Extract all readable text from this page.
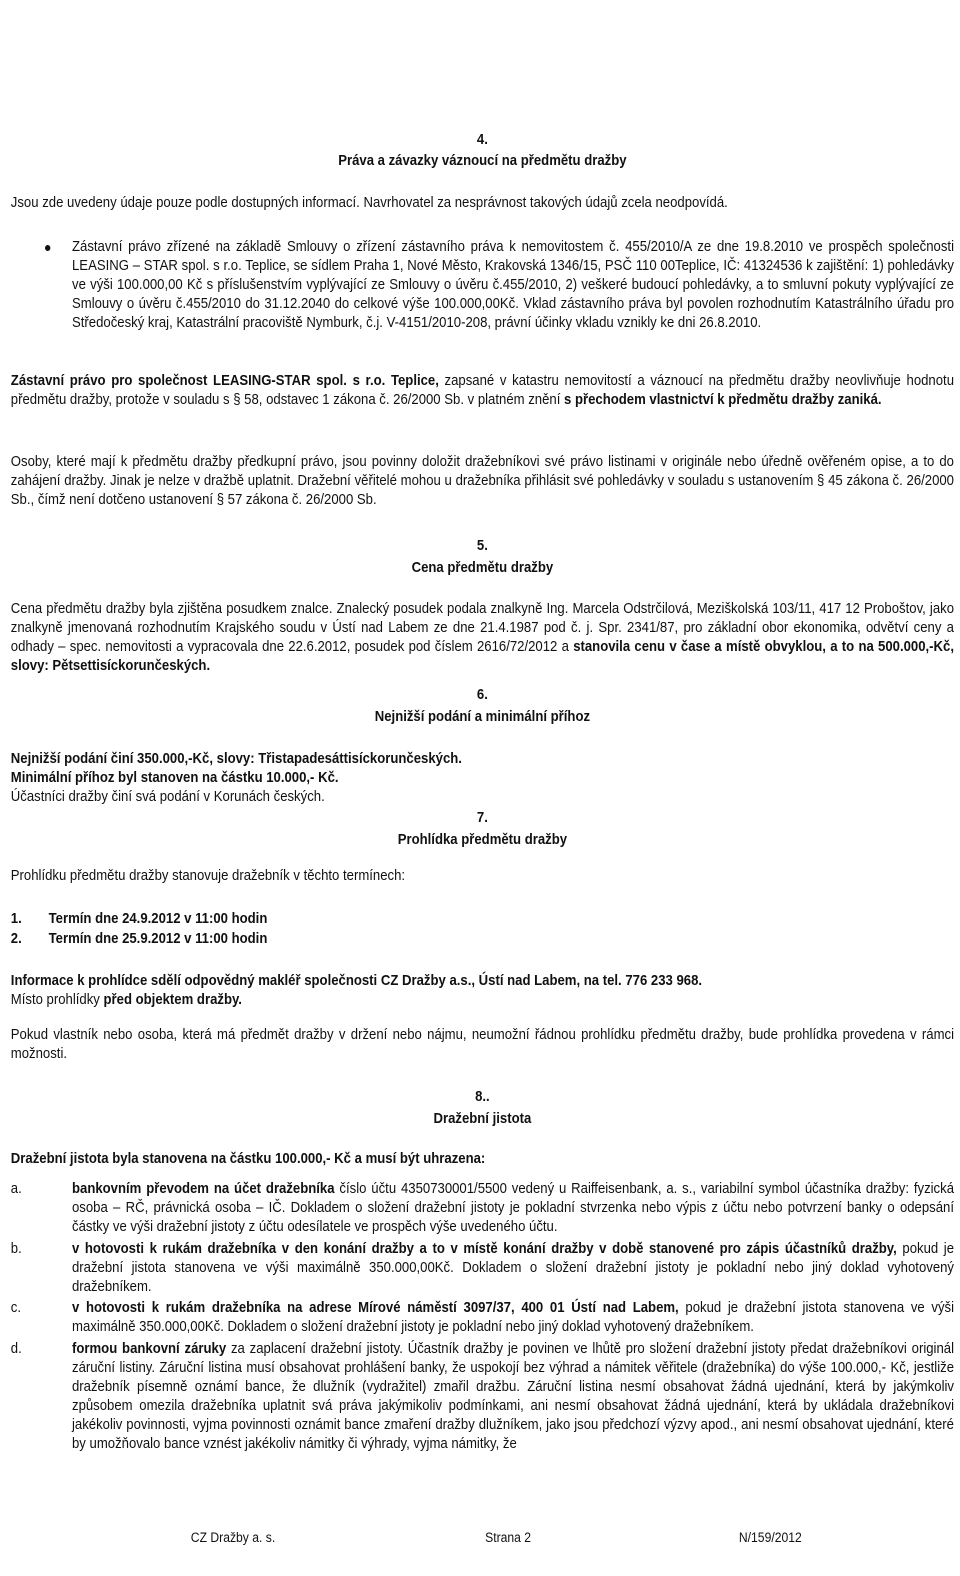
4.
Práva a závazky váznoucí na předmětu dražby

Jsou zde uvedeny údaje pouze podle dostupných informací. Navrhovatel za nesprávnost takových údajů zcela neodpovídá.

Zástavní právo zřízené na základě Smlouvy o zřízení zástavního práva k nemovitostem č. 455/2010/A ze dne 19.8.2010 ve prospěch společnosti LEASING – STAR spol. s r.o. Teplice, se sídlem Praha 1, Nové Město, Krakovská 1346/15, PSČ 110 00Teplice, IČ: 41324536 k zajištění: 1) pohledávky ve výši 100.000,00 Kč s příslušenstvím vyplývající ze Smlouvy o úvěru č.455/2010, 2) veškeré budoucí pohledávky, a to smluvní pokuty vyplývající ze Smlouvy o úvěru č.455/2010 do 31.12.2040 do celkové výše 100.000,00Kč. Vklad zástavního práva byl povolen rozhodnutím Katastrálního úřadu pro Středočeský kraj, Katastrální pracoviště Nymburk, č.j. V-4151/2010-208, právní účinky vkladu vznikly ke dni 26.8.2010.

Zástavní právo pro společnost LEASING-STAR spol. s r.o. Teplice, zapsané v katastru nemovitostí a váznoucí na předmětu dražby neovlivňuje hodnotu předmětu dražby, protože v souladu s § 58, odstavec 1 zákona č. 26/2000 Sb. v platném znění s přechodem vlastnictví k předmětu dražby zaniká.

Osoby, které mají k předmětu dražby předkupní právo, jsou povinny doložit dražebníkovi své právo listinami v originále nebo úředně ověřeném opise, a to do zahájení dražby. Jinak je nelze v dražbě uplatnit. Dražební věřitelé mohou u dražebníka přihlásit své pohledávky v souladu s ustanovením § 45 zákona č. 26/2000 Sb., čímž není dotčeno ustanovení § 57 zákona č. 26/2000 Sb.

5.
Cena předmětu dražby

Cena předmětu dražby byla zjištěna posudkem znalce. Znalecký posudek podala znalkyně Ing. Marcela Odstrčilová, Meziškolská 103/11, 417 12 Proboštov, jako znalkyně jmenovaná rozhodnutím Krajského soudu v Ústí nad Labem ze dne 21.4.1987 pod č. j. Spr. 2341/87, pro základní obor ekonomika, odvětví ceny a odhady – spec. nemovitosti a vypracovala dne 22.6.2012, posudek pod číslem 2616/72/2012 a stanovila cenu v čase a místě obvyklou, a to na 500.000,-Kč, slovy: Pětsettisíckorunčeských.

6.
Nejnižší podání a minimální příhoz

Nejnižší podání činí 350.000,-Kč, slovy: Třistapadesáttisíckorunčeských.

Minimální příhoz byl stanoven na částku 10.000,- Kč.

Účastníci dražby činí svá podání v Korunách českých.

7.
Prohlídka předmětu dražby

Prohlídku předmětu dražby stanovuje dražebník v těchto termínech:

1. Termín dne 24.9.2012 v 11:00 hodin
2. Termín dne 25.9.2012 v 11:00 hodin

Informace k prohlídce sdělí odpovědný makléř společnosti CZ Dražby a.s., Ústí nad Labem, na tel. 776 233 968.

Místo prohlídky před objektem dražby.

Pokud vlastník nebo osoba, která má předmět dražby v držení nebo nájmu, neumožní řádnou prohlídku předmětu dražby, bude prohlídka provedena v rámci možnosti.

8..
Dražební jistota

Dražební jistota byla stanovena na částku 100.000,- Kč a musí být uhrazena:

a.	bankovním převodem na účet dražebníka číslo účtu 4350730001/5500 vedený u Raiffeisenbank, a. s., variabilní symbol účastníka dražby: fyzická osoba – RČ, právnická osoba – IČ. Dokladem o složení dražební jistoty je pokladní stvrzenka nebo výpis z účtu nebo potvrzení banky o odepsání částky ve výši dražební jistoty z účtu odesílatele ve prospěch výše uvedeného účtu.

b.	v hotovosti k rukám dražebníka v den konání dražby a to v místě konání dražby v době stanovené pro zápis účastníků dražby, pokud je dražební jistota stanovena ve výši maximálně 350.000,00Kč. Dokladem o složení dražební jistoty je pokladní nebo jiný doklad vyhotovený dražebníkem.

c.	v hotovosti k rukám dražebníka na adrese Mírové náměstí 3097/37, 400 01 Ústí nad Labem, pokud je dražební jistota stanovena ve výši maximálně 350.000,00Kč. Dokladem o složení dražební jistoty je pokladní nebo jiný doklad vyhotovený dražebníkem.

d.	formou bankovní záruky za zaplacení dražební jistoty. Účastník dražby je povinen ve lhůtě pro složení dražební jistoty předat dražebníkovi originál záruční listiny. Záruční listina musí obsahovat prohlášení banky, že uspokojí bez výhrad a námitek věřitele (dražebníka) do výše 100.000,- Kč, jestliže dražebník písemně oznámí bance, že dlužník (vydražitel) zmařil dražbu. Záruční listina nesmí obsahovat žádná ujednání, která by jakýmkoliv způsobem omezila dražebníka uplatnit svá práva jakýmikoliv podmínkami, ani nesmí obsahovat žádná ujednání, která by ukládala dražebníkovi jakékoliv povinnosti, vyjma povinnosti oznámit bance zmaření dražby dlužníkem, jako jsou předchozí výzvy apod., ani nesmí obsahovat ujednání, které by umožňovalo bance vznést jakékoliv námitky či výhrady, vyjma námitky, že

CZ Dražby a. s.	Strana 2	N/159/2012
